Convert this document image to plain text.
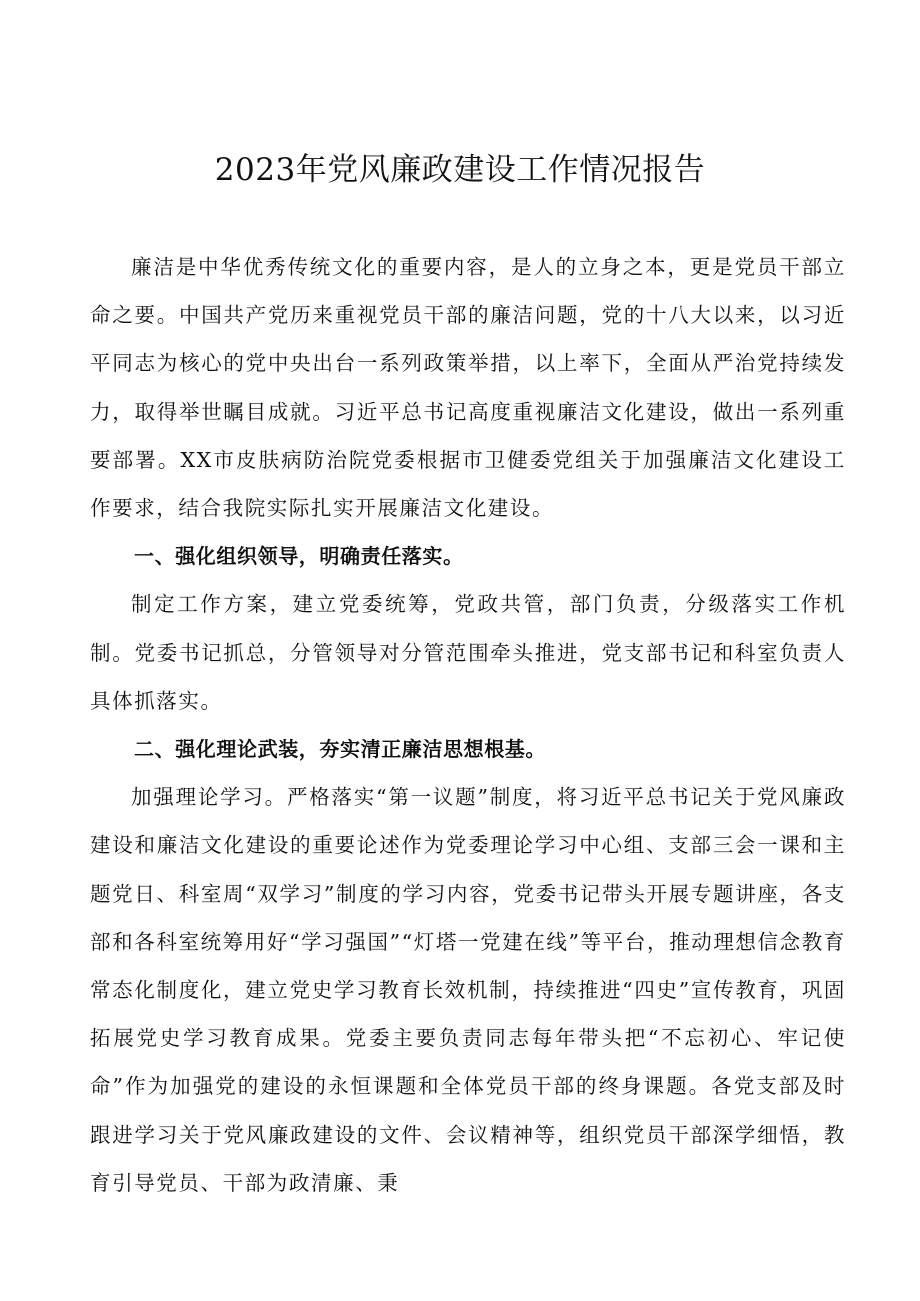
2023年党风廉政建设工作情况报告

廉洁是中华优秀传统文化的重要内容，是人的立身之本，更是党员干部立命之要。中国共产党历来重视党员干部的廉洁问题，党的十八大以来，以习近平同志为核心的党中央出台一系列政策举措，以上率下，全面从严治党持续发力，取得举世瞩目成就。习近平总书记高度重视廉洁文化建设，做出一系列重要部署。XX市皮肤病防治院党委根据市卫健委党组关于加强廉洁文化建设工作要求，结合我院实际扎实开展廉洁文化建设。

一、强化组织领导，明确责任落实。

制定工作方案，建立党委统筹，党政共管，部门负责，分级落实工作机制。党委书记抓总，分管领导对分管范围牵头推进，党支部书记和科室负责人具体抓落实。

二、强化理论武装，夯实清正廉洁思想根基。

加强理论学习。严格落实“第一议题”制度，将习近平总书记关于党风廉政建设和廉洁文化建设的重要论述作为党委理论学习中心组、支部三会一课和主题党日、科室周“双学习”制度的学习内容，党委书记带头开展专题讲座，各支部和各科室统筹用好“学习强国”“灯塔一党建在线”等平台，推动理想信念教育常态化制度化，建立党史学习教育长效机制，持续推进“四史”宣传教育，巩固拓展党史学习教育成果。党委主要负责同志每年带头把“不忘初心、牢记使命”作为加强党的建设的永恒课题和全体党员干部的终身课题。各党支部及时跟进学习关于党风廉政建设的文件、会议精神等，组织党员干部深学细悟，教育引导党员、干部为政清廉、秉
